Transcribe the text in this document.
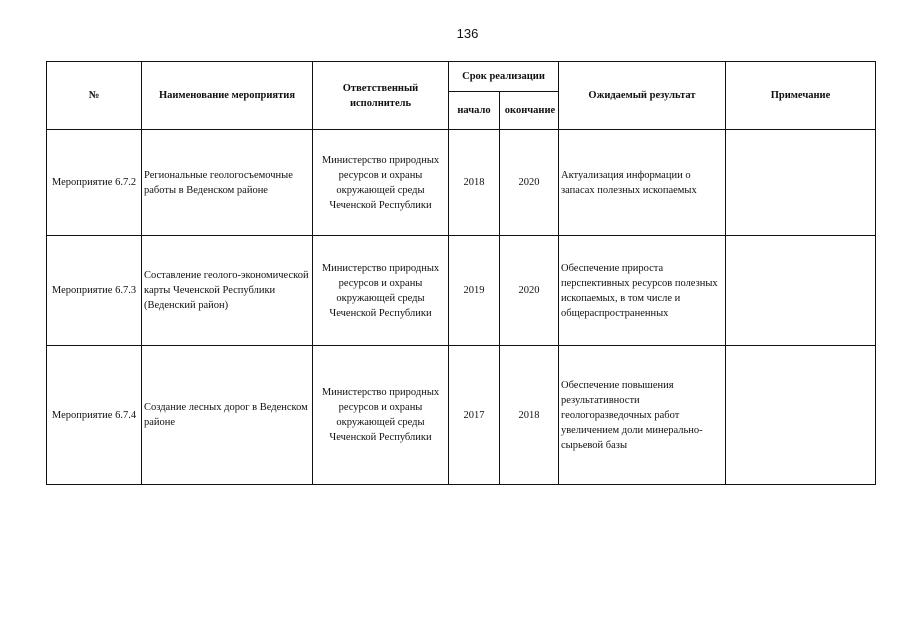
136
№	Наименование мероприятия	Ответственный исполнитель	Срок реализации		Ожидаемый результат	Примечание
			начало	окончание		
Мероприятие 6.7.2	Региональные геологосъемочные работы в Веденском районе	Министерство природных ресурсов и охраны окружающей среды Чеченской Республики	2018	2020	Актуализация информации о запасах полезных ископаемых	
Мероприятие 6.7.3	Составление геолого-экономической карты Чеченской Республики (Веденский район)	Министерство природных ресурсов и охраны окружающей среды Чеченской Республики	2019	2020	Обеспечение прироста перспективных ресурсов полезных ископаемых, в том числе и общераспространенных	
Мероприятие 6.7.4	Создание лесных дорог в Веденском районе	Министерство природных ресурсов и охраны окружающей среды Чеченской Республики	2017	2018	Обеспечение повышения результативности геологоразведочных работ увеличением доли минерально-сырьевой базы	
